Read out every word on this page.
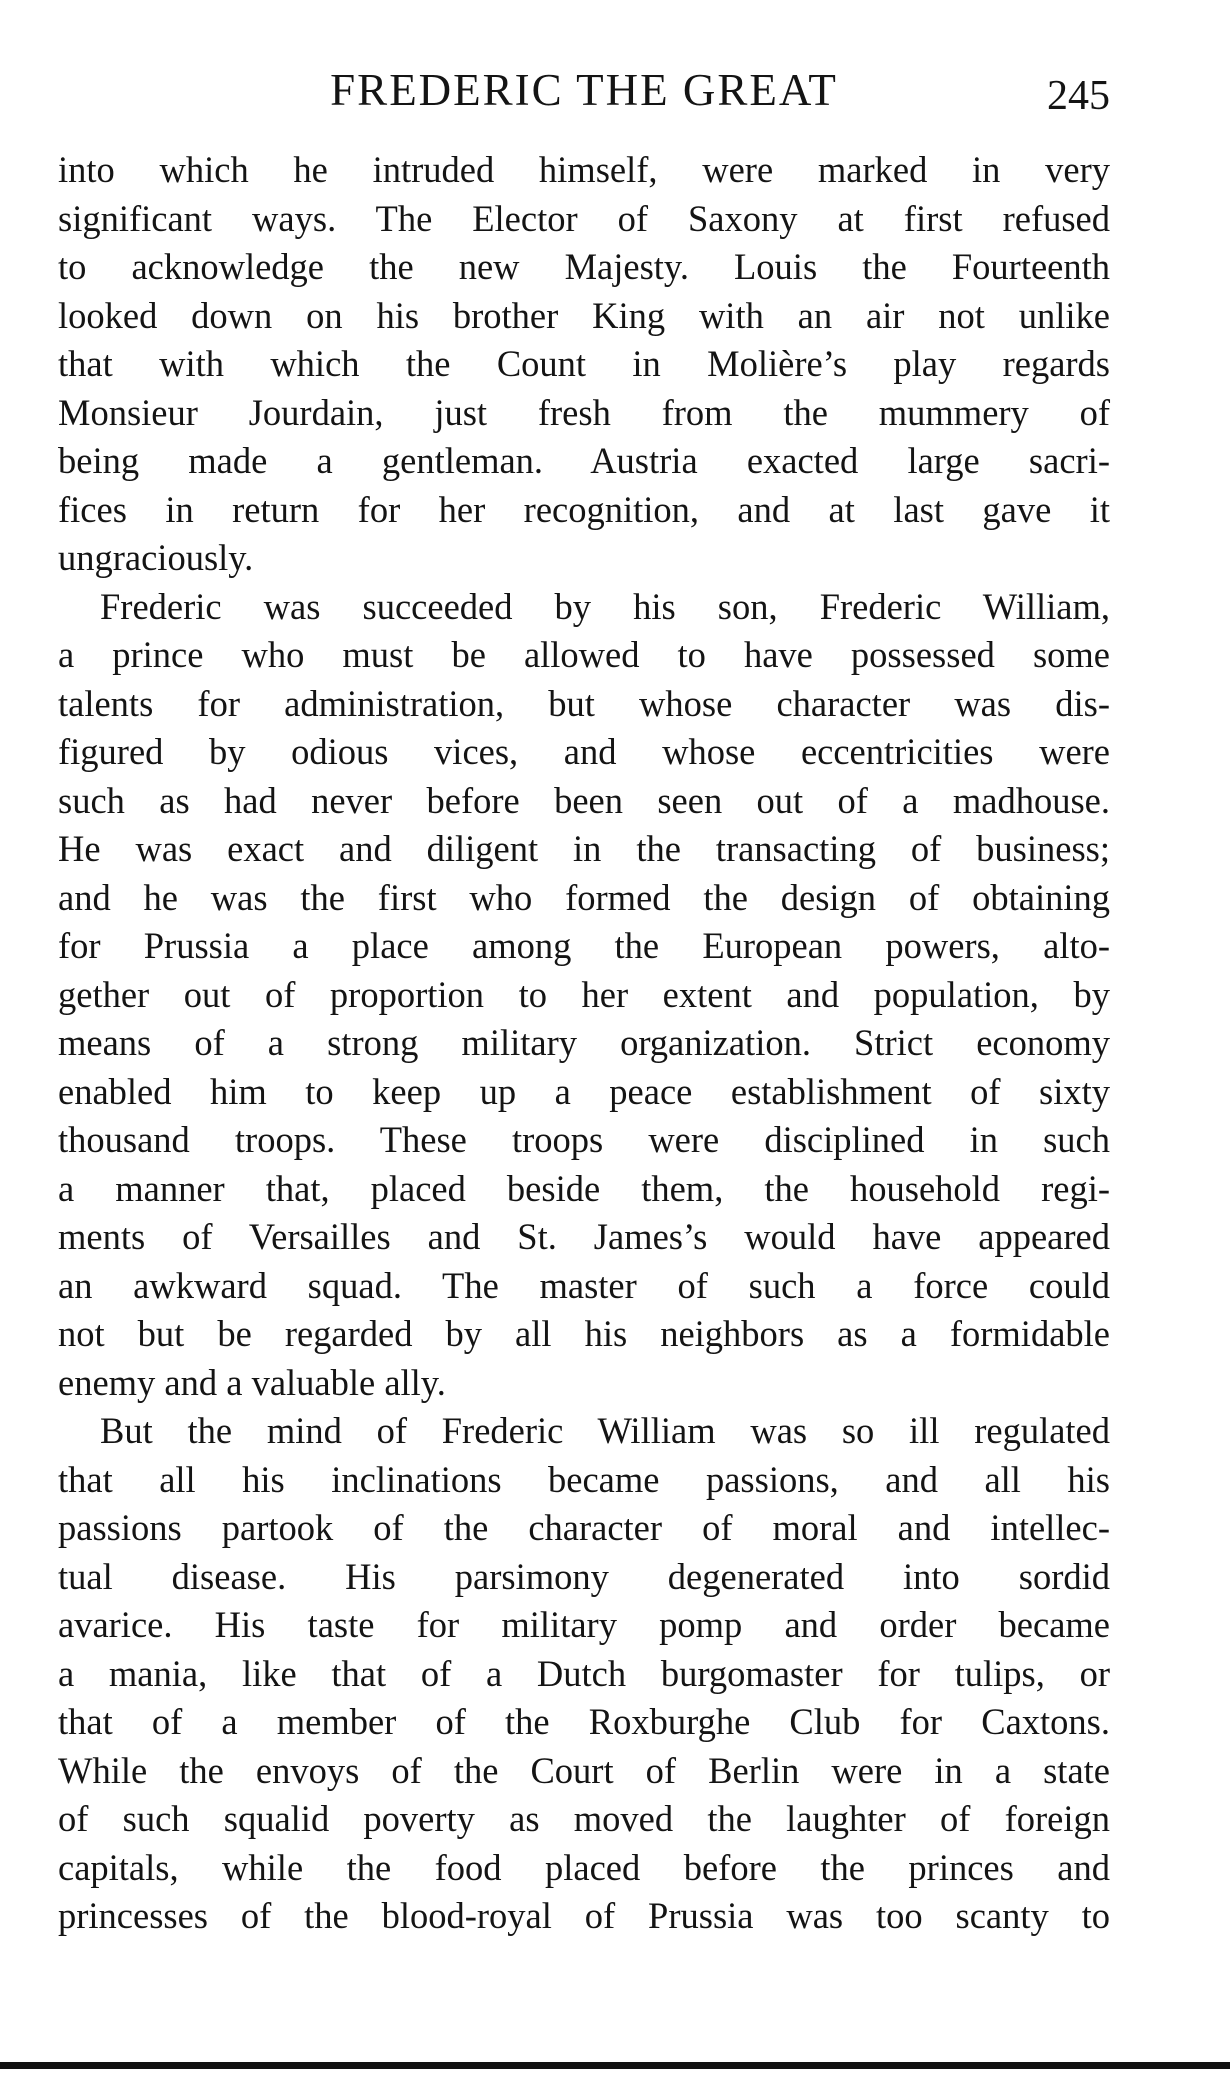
FREDERIC THE GREAT	245
into which he intruded himself, were marked in very
significant ways. The Elector of Saxony at first refused
to acknowledge the new Majesty. Louis the Fourteenth
looked down on his brother King with an air not unlike
that with which the Count in Molière’s play regards
Monsieur Jourdain, just fresh from the mummery of
being made a gentleman. Austria exacted large sacri-
fices in return for her recognition, and at last gave it
ungraciously.
Frederic was succeeded by his son, Frederic William,
a prince who must be allowed to have possessed some
talents for administration, but whose character was dis-
figured by odious vices, and whose eccentricities were
such as had never before been seen out of a madhouse.
He was exact and diligent in the transacting of business;
and he was the first who formed the design of obtaining
for Prussia a place among the European powers, alto-
gether out of proportion to her extent and population, by
means of a strong military organization. Strict economy
enabled him to keep up a peace establishment of sixty
thousand troops. These troops were disciplined in such
a manner that, placed beside them, the household regi-
ments of Versailles and St. James’s would have appeared
an awkward squad. The master of such a force could
not but be regarded by all his neighbors as a formidable
enemy and a valuable ally.
But the mind of Frederic William was so ill regulated
that all his inclinations became passions, and all his
passions partook of the character of moral and intellec-
tual disease. His parsimony degenerated into sordid
avarice. His taste for military pomp and order became
a mania, like that of a Dutch burgomaster for tulips, or
that of a member of the Roxburghe Club for Caxtons.
While the envoys of the Court of Berlin were in a state
of such squalid poverty as moved the laughter of foreign
capitals, while the food placed before the princes and
princesses of the blood-royal of Prussia was too scanty to
